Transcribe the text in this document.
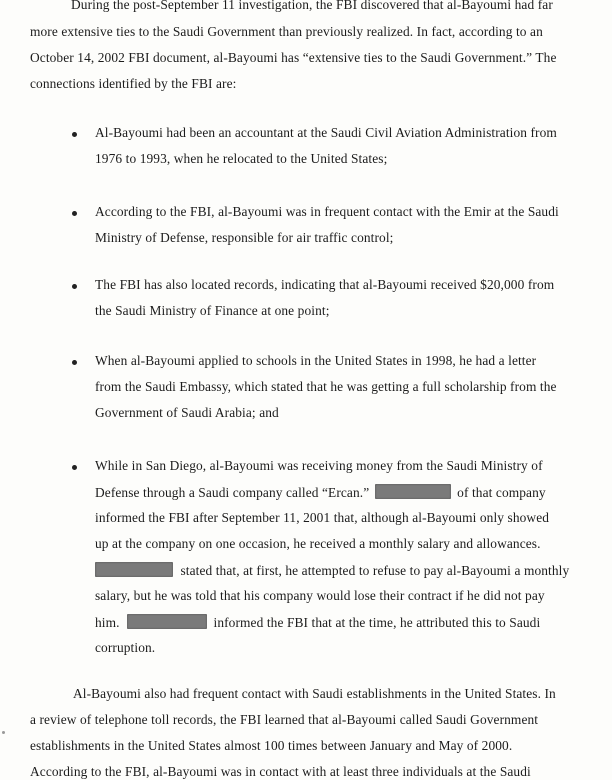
During the post-September 11 investigation, the FBI discovered that al-Bayoumi had far
more extensive ties to the Saudi Government than previously realized. In fact, according to an
October 14, 2002 FBI document, al-Bayoumi has “extensive ties to the Saudi Government.” The
connections identified by the FBI are:
Al-Bayoumi had been an accountant at the Saudi Civil Aviation Administration from
1976 to 1993, when he relocated to the United States;
According to the FBI, al-Bayoumi was in frequent contact with the Emir at the Saudi
Ministry of Defense, responsible for air traffic control;
The FBI has also located records, indicating that al-Bayoumi received $20,000 from
the Saudi Ministry of Finance at one point;
When al-Bayoumi applied to schools in the United States in 1998, he had a letter
from the Saudi Embassy, which stated that he was getting a full scholarship from the
Government of Saudi Arabia; and
While in San Diego, al-Bayoumi was receiving money from the Saudi Ministry of
Defense through a Saudi company called “Ercan.”	of that company
informed the FBI after September 11, 2001 that, although al-Bayoumi only showed
up at the company on one occasion, he received a monthly salary and allowances.
stated that, at first, he attempted to refuse to pay al-Bayoumi a monthly
salary, but he was told that his company would lose their contract if he did not pay
him.	informed the FBI that at the time, he attributed this to Saudi
corruption.
Al-Bayoumi also had frequent contact with Saudi establishments in the United States. In
a review of telephone toll records, the FBI learned that al-Bayoumi called Saudi Government
establishments in the United States almost 100 times between January and May of 2000.
According to the FBI, al-Bayoumi was in contact with at least three individuals at the Saudi
